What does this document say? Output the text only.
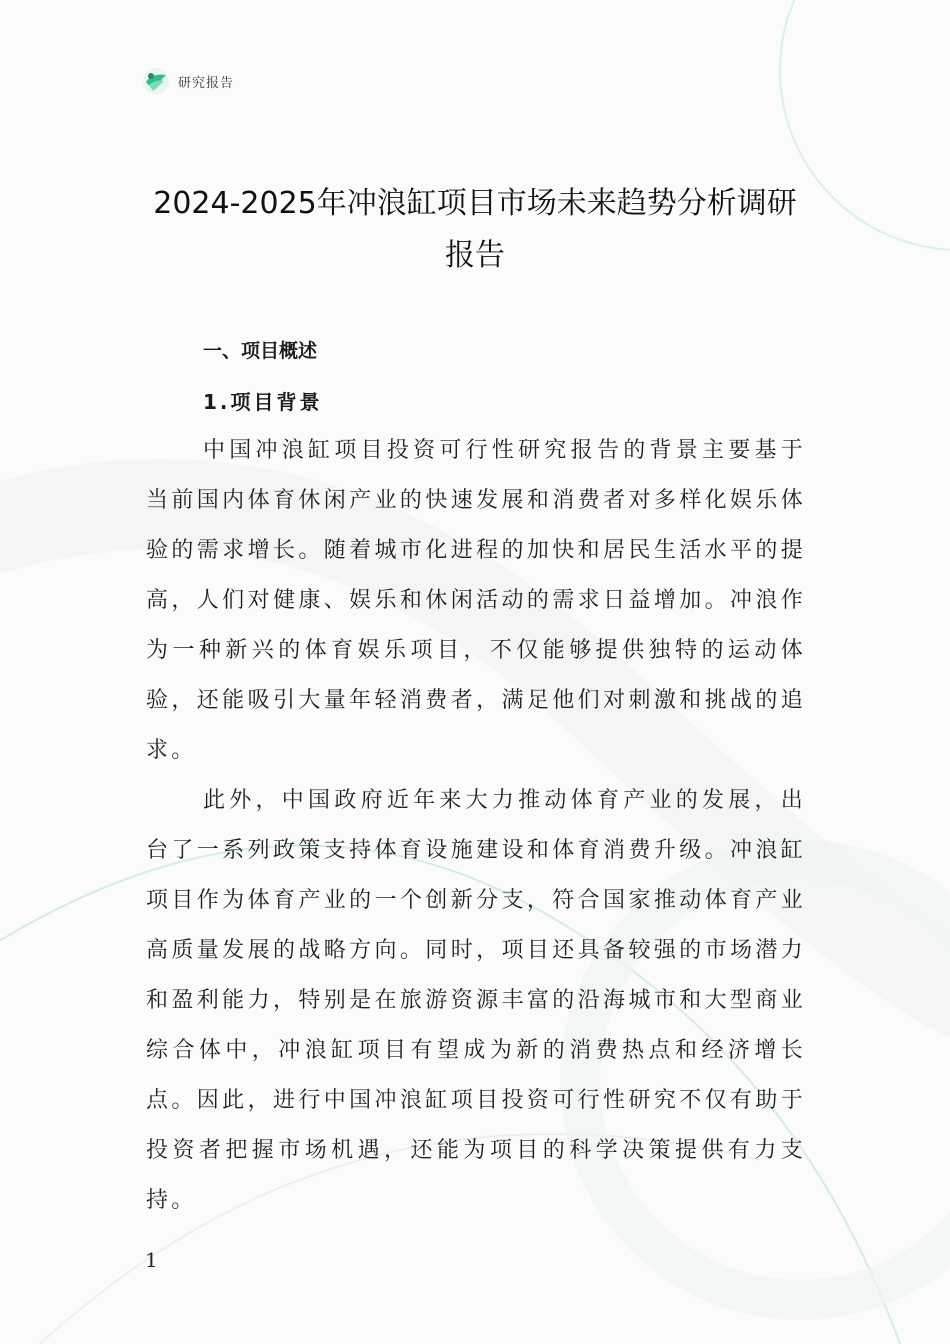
研究报告
2024-2025年冲浪缸项目市场未来趋势分析调研报告
一、项目概述
1.项目背景

中国冲浪缸项目投资可行性研究报告的背景主要基于当前国内体育休闲产业的快速发展和消费者对多样化娱乐体验的需求增长。随着城市化进程的加快和居民生活水平的提高，人们对健康、娱乐和休闲活动的需求日益增加。冲浪作为一种新兴的体育娱乐项目，不仅能够提供独特的运动体验，还能吸引大量年轻消费者，满足他们对刺激和挑战的追求。

此外，中国政府近年来大力推动体育产业的发展，出台了一系列政策支持体育设施建设和体育消费升级。冲浪缸项目作为体育产业的一个创新分支，符合国家推动体育产业高质量发展的战略方向。同时，项目还具备较强的市场潜力和盈利能力，特别是在旅游资源丰富的沿海城市和大型商业综合体中，冲浪缸项目有望成为新的消费热点和经济增长点。因此，进行中国冲浪缸项目投资可行性研究不仅有助于投资者把握市场机遇，还能为项目的科学决策提供有力支持。

1
